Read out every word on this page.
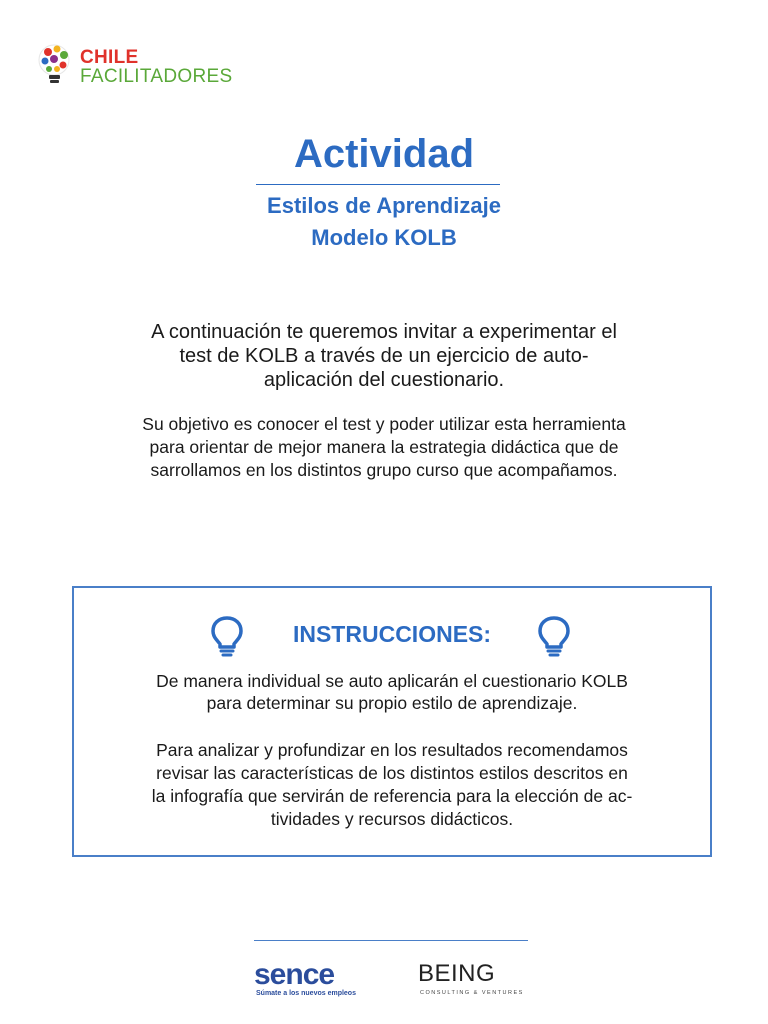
CHILE
FACILITADORES
Actividad
Estilos de Aprendizaje
Modelo KOLB
A continuación te queremos invitar a experimentar el
test de KOLB a través de un ejercicio de auto-
aplicación del cuestionario.
Su objetivo es conocer el test y poder utilizar esta herramienta
para orientar de mejor manera la estrategia didáctica que de
sarrollamos en los distintos grupo curso que acompañamos.
INSTRUCCIONES:
De manera individual se auto aplicarán el cuestionario KOLB
para determinar su propio estilo de aprendizaje.
Para analizar y profundizar en los resultados recomendamos
revisar las características de los distintos estilos descritos en
la infografía que servirán de referencia para la elección de ac-
tividades y recursos didácticos.
sence
Súmate a los nuevos empleos
BEING
CONSULTING & VENTURES
